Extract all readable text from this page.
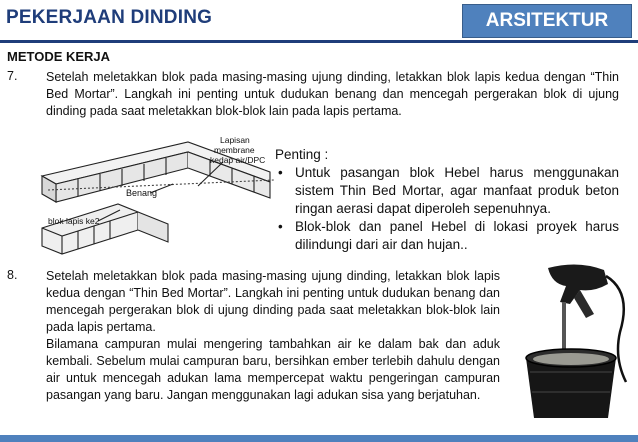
PEKERJAAN DINDING	ARSITEKTUR
METODE KERJA
7. Setelah meletakkan blok pada masing-masing ujung dinding, letakkan blok lapis kedua dengan “Thin Bed Mortar”. Langkah ini penting untuk dudukan benang dan mencegah pergerakan blok di ujung dinding pada saat meletakkan blok-blok lain pada lapis pertama.
Benang
Lapisan
membrane
kedap air/DPC
blok lapis ke2
Penting :
• Untuk pasangan blok Hebel harus menggunakan sistem Thin Bed Mortar, agar manfaat produk beton ringan aerasi dapat diperoleh sepenuhnya.
• Blok-blok dan panel Hebel di lokasi proyek harus dilindungi dari air dan hujan..
8. Setelah meletakkan blok pada masing-masing ujung dinding, letakkan blok lapis kedua dengan “Thin Bed Mortar”. Langkah ini penting untuk dudukan benang dan mencegah pergerakan blok di ujung dinding pada saat meletakkan blok-blok lain pada lapis pertama.
Bilamana campuran mulai mengering tambahkan air ke dalam bak dan aduk kembali. Sebelum mulai campuran baru, bersihkan ember terlebih dahulu dengan air untuk mencegah adukan lama mempercepat waktu pengeringan campuran pasangan yang baru. Jangan menggunakan lagi adukan sisa yang berjatuhan.
